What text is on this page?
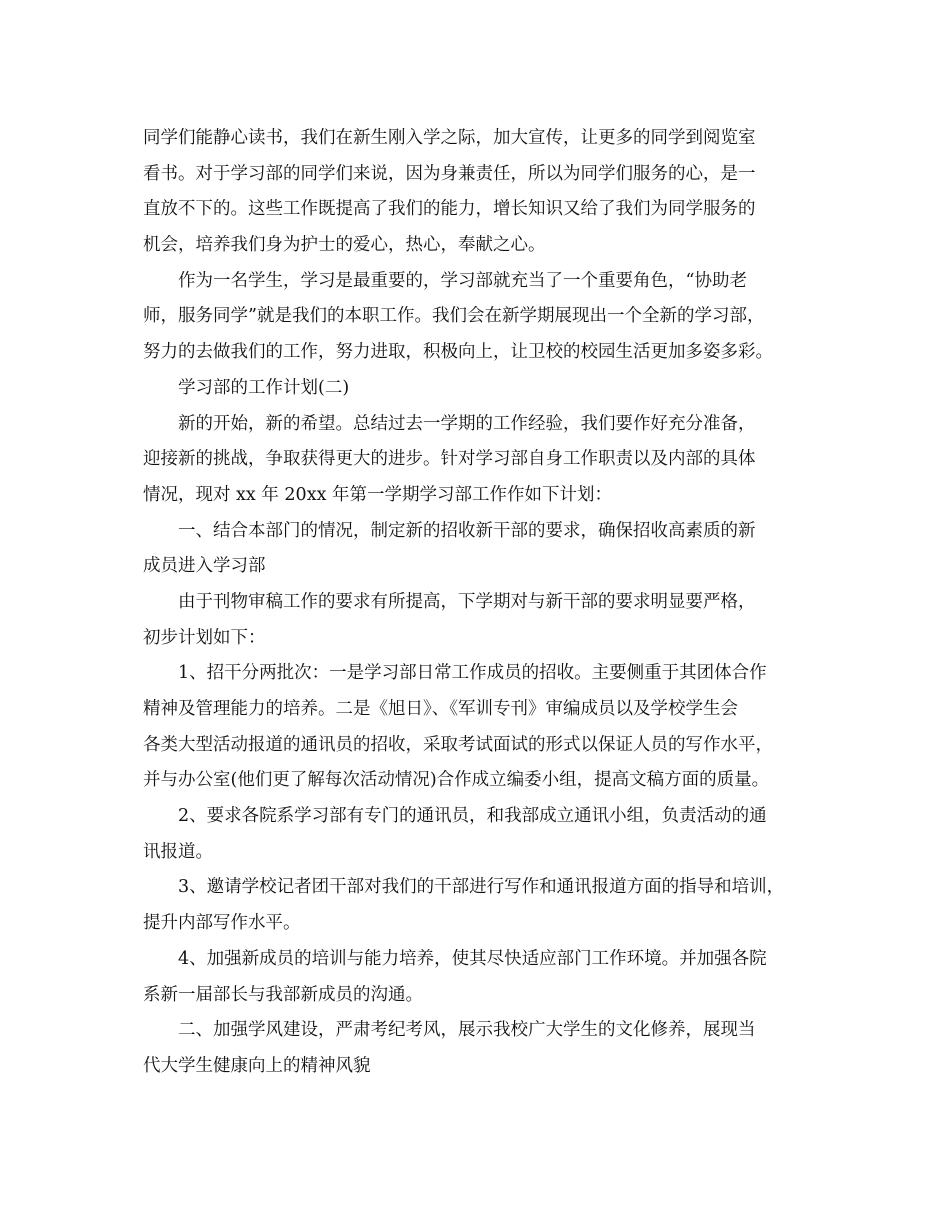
同学们能静心读书，我们在新生刚入学之际，加大宣传，让更多的同学到阅览室
看书。对于学习部的同学们来说，因为身兼责任，所以为同学们服务的心，是一
直放不下的。这些工作既提高了我们的能力，增长知识又给了我们为同学服务的
机会，培养我们身为护士的爱心，热心，奉献之心。
作为一名学生，学习是最重要的，学习部就充当了一个重要角色，“协助老
师，服务同学”就是我们的本职工作。我们会在新学期展现出一个全新的学习部，
努力的去做我们的工作，努力进取，积极向上，让卫校的校园生活更加多姿多彩。
学习部的工作计划(二)
新的开始，新的希望。总结过去一学期的工作经验，我们要作好充分准备，
迎接新的挑战，争取获得更大的进步。针对学习部自身工作职责以及内部的具体
情况，现对 xx 年 20xx 年第一学期学习部工作作如下计划：
一、结合本部门的情况，制定新的招收新干部的要求，确保招收高素质的新
成员进入学习部
由于刊物审稿工作的要求有所提高，下学期对与新干部的要求明显要严格，
初步计划如下：
1、招干分两批次：一是学习部日常工作成员的招收。主要侧重于其团体合作
精神及管理能力的培养。二是《旭日》、《军训专刊》审编成员以及学校学生会
各类大型活动报道的通讯员的招收，采取考试面试的形式以保证人员的写作水平，
并与办公室(他们更了解每次活动情况)合作成立编委小组，提高文稿方面的质量。
2、要求各院系学习部有专门的通讯员，和我部成立通讯小组，负责活动的通
讯报道。
3、邀请学校记者团干部对我们的干部进行写作和通讯报道方面的指导和培训，
提升内部写作水平。
4、加强新成员的培训与能力培养，使其尽快适应部门工作环境。并加强各院
系新一届部长与我部新成员的沟通。
二、加强学风建设，严肃考纪考风，展示我校广大学生的文化修养，展现当
代大学生健康向上的精神风貌
